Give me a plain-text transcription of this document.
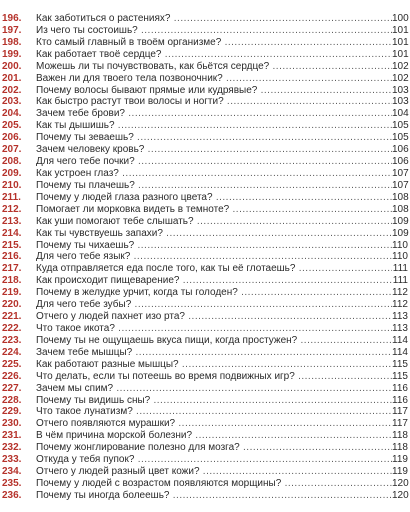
196.	Как заботиться о растениях? .....	100
197.	Из чего ты состоишь? .....	101
198.	Кто самый главный в твоём организме? .....	101
199.	Как работает твоё сердце? .....	101
200.	Можешь ли ты почувствовать, как бьётся сердце? .....	102
201.	Важен ли для твоего тела позвоночник? .....	102
202.	Почему волосы бывают прямые или кудрявые? .....	103
203.	Как быстро растут твои волосы и ногти? .....	103
204.	Зачем тебе брови? .....	104
205.	Как ты дышишь? .....	105
206.	Почему ты зеваешь? .....	105
207.	Зачем человеку кровь? .....	106
208.	Для чего тебе почки? .....	106
209.	Как устроен глаз? .....	107
210.	Почему ты плачешь? .....	107
211.	Почему у людей глаза разного цвета? .....	108
212.	Помогает ли морковка видеть в темноте? .....	108
213.	Как уши помогают тебе слышать? .....	109
214.	Как ты чувствуешь запахи? .....	109
215.	Почему ты чихаешь? .....	110
216.	Для чего тебе язык? .....	110
217.	Куда отправляется еда после того, как ты её глотаешь? .....	111
218.	Как происходит пищеварение? .....	111
219.	Почему в желудке урчит, когда ты голоден? .....	112
220.	Для чего тебе зубы? .....	112
221.	Отчего у людей пахнет изо рта? .....	113
222.	Что такое икота? .....	113
223.	Почему ты не ощущаешь вкуса пищи, когда простужен? .....	114
224.	Зачем тебе мышцы? .....	114
225.	Как работают разные мышцы? .....	115
226.	Что делать, если ты потеешь во время подвижных игр? .....	115
227.	Зачем мы спим? .....	116
228.	Почему ты видишь сны? .....	116
229.	Что такое лунатизм? .....	117
230.	Отчего появляются мурашки? .....	117
231.	В чём причина морской болезни? .....	118
232.	Почему жонглирование полезно для мозга? .....	118
233.	Откуда у тебя пупок? .....	119
234.	Отчего у людей разный цвет кожи? .....	119
235.	Почему у людей с возрастом появляются морщины? .....	120
236.	Почему ты иногда болеешь? .....	120
